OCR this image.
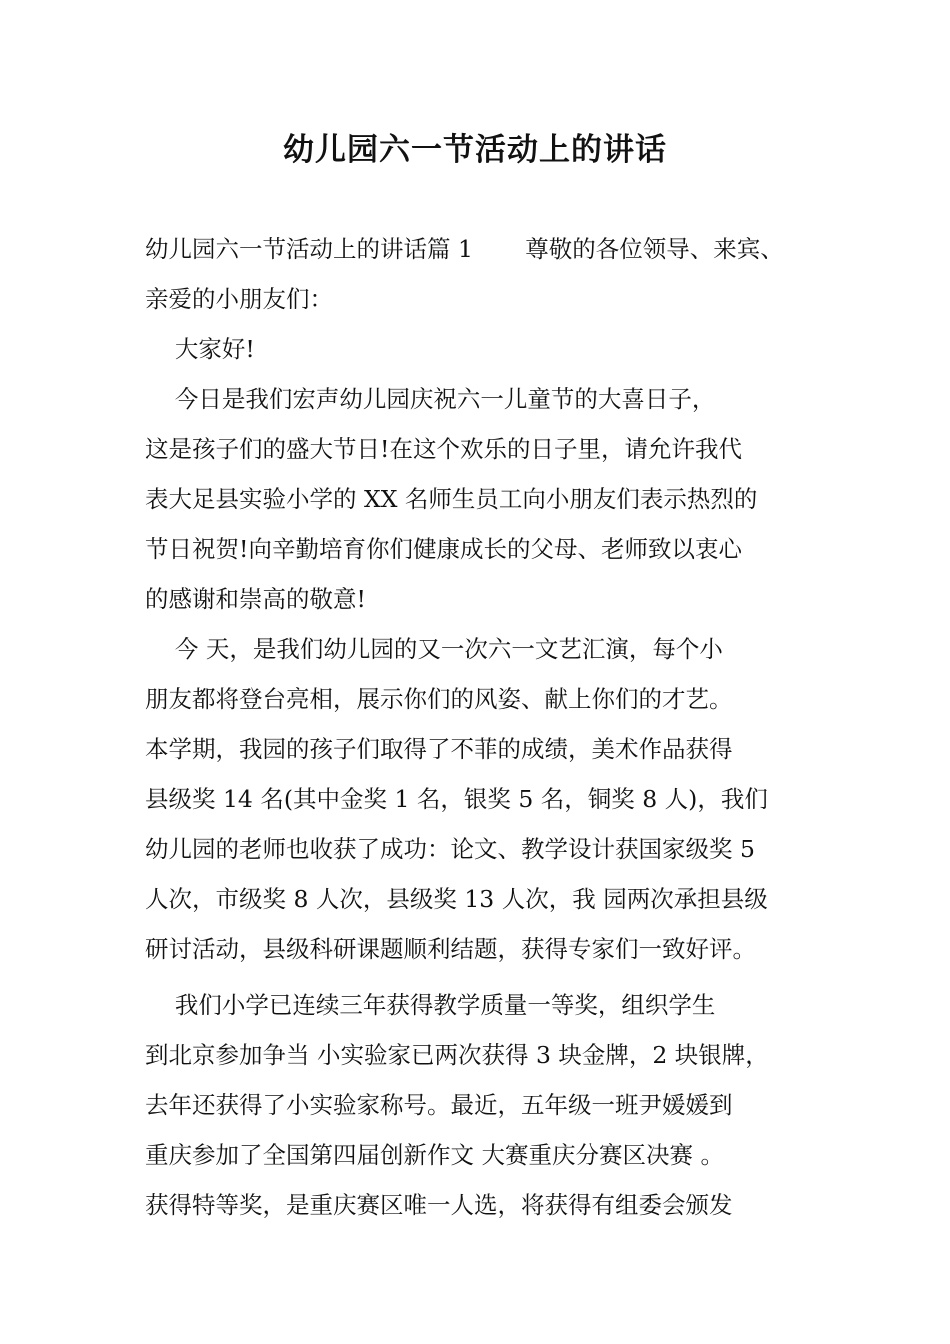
幼儿园六一节活动上的讲话
幼儿园六一节活动上的讲话篇 1       尊敬的各位领导、来宾、
亲爱的小朋友们：
大家好!
今日是我们宏声幼儿园庆祝六一儿童节的大喜日子，
这是孩子们的盛大节日!在这个欢乐的日子里，请允许我代
表大足县实验小学的 XX 名师生员工向小朋友们表示热烈的
节日祝贺!向辛勤培育你们健康成长的父母、老师致以衷心
的感谢和崇高的敬意!
今 天，是我们幼儿园的又一次六一文艺汇演，每个小
朋友都将登台亮相，展示你们的风姿、献上你们的才艺。
本学期，我园的孩子们取得了不菲的成绩，美术作品获得
县级奖 14 名(其中金奖 1 名，银奖 5 名，铜奖 8 人)，我们
幼儿园的老师也收获了成功：论文、教学设计获国家级奖 5
人次，市级奖 8 人次，县级奖 13 人次，我 园两次承担县级
研讨活动，县级科研课题顺利结题，获得专家们一致好评。
我们小学已连续三年获得教学质量一等奖，组织学生
到北京参加争当 小实验家已两次获得 3 块金牌，2 块银牌，
去年还获得了小实验家称号。最近，五年级一班尹媛媛到
重庆参加了全国第四届创新作文 大赛重庆分赛区决赛 。
获得特等奖，是重庆赛区唯一人选，将获得有组委会颁发
